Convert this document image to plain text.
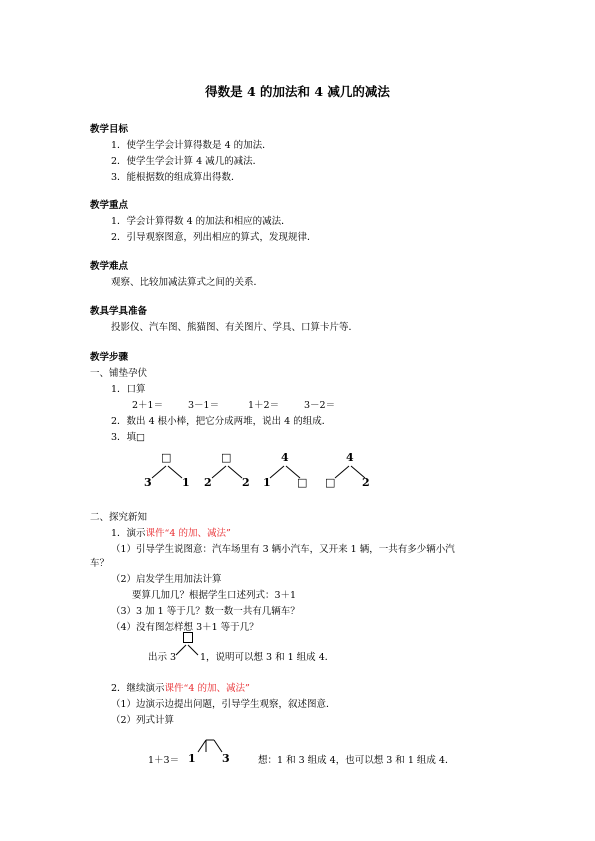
得数是 4 的加法和 4 减几的减法
教学目标
1．使学生学会计算得数是 4 的加法．
2．使学生学会计算 4 减几的减法．
3．能根据数的组成算出得数．
教学重点
1．学会计算得数 4 的加法和相应的减法．
2．引导观察图意，列出相应的算式，发现规律．
教学难点
观察、比较加减法算式之间的关系．
教具学具准备
投影仪、汽车图、熊猫图、有关图片、学具、口算卡片等．
教学步骤
一、铺垫孕伏
1．口算
2＋1＝	3－1＝	1＋2＝	3－2＝
2．数出 4 根小棒，把它分成两堆，说出 4 的组成．
3．填□
□
3	1
□
2	2
4
1 □
4
□ 2
二、探究新知
1．演示课件“4 的加、减法”
（1）引导学生说图意：汽车场里有 3 辆小汽车，又开来 1 辆，一共有多少辆小汽
车？
（2）启发学生用加法计算
要算几加几？根据学生口述列式：3＋1
（3）3 加 1 等于几？数一数一共有几辆车？
（4）没有图怎样想 3＋1 等于几？
出示 3	1 ，说明可以想 3 和 1 组成 4．
2．继续演示课件“4 的加、减法”
（1）边演示边提出问题，引导学生观察，叙述图意．
（2）列式计算
1＋3＝ 1 3	想：1 和 3 组成 4，也可以想 3 和 1 组成 4．
